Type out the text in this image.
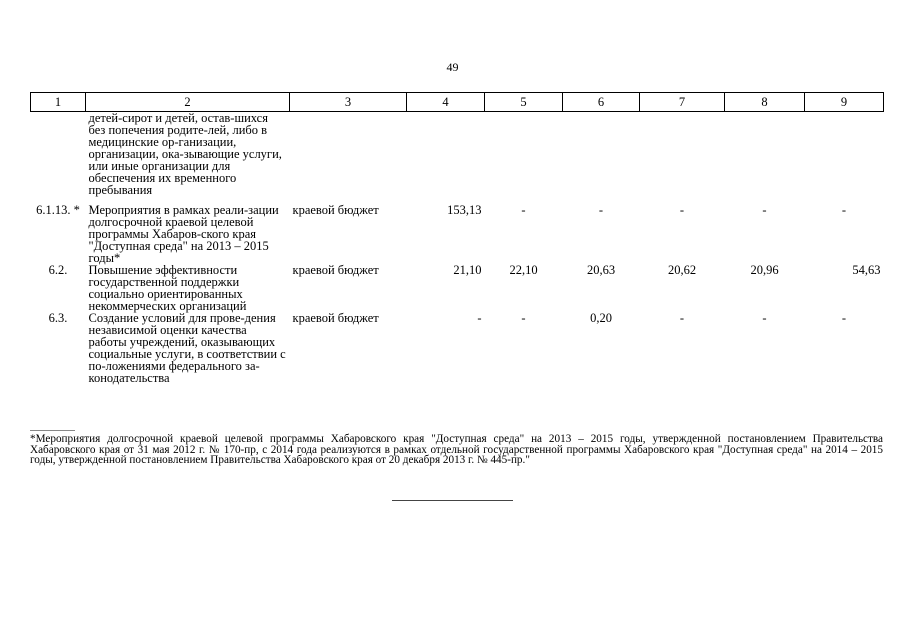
49
1	2	3	4	5	6	7	8	9
	детей-сирот и детей, остав-шихся без попечения родите-лей, либо в медицинские ор-ганизации, организации, ока-зывающие услуги, или иные организации для обеспечения их временного пребывания							

6.1.13. *	Мероприятия в рамках реали-зации долгосрочной краевой целевой программы Хабаров-ского края "Доступная среда" на 2013 – 2015 годы*	краевой бюджет	153,13	-	-	-	-	-
6.2.	Повышение эффективности государственной поддержки социально ориентированных некоммерческих организаций	краевой бюджет	21,10	22,10	20,63	20,62	20,96	54,63
6.3.	Создание условий для прове-дения независимой оценки качества работы учреждений, оказывающих социальные услуги, в соответствии с по-ложениями федерального за-конодательства	краевой бюджет	-	-	0,20	-	-	-
*Мероприятия долгосрочной краевой целевой программы Хабаровского края "Доступная среда" на 2013 – 2015 годы, утвержденной постановлением Правительства Хабаровского края от 31 мая 2012 г. № 170-пр, с 2014 года реализуются в рамках отдельной государственной программы Хабаровского края "Доступная среда" на 2014 – 2015 годы, утвержденной постановлением Правительства Хабаровского края от 20 декабря 2013 г. № 445-пр."
